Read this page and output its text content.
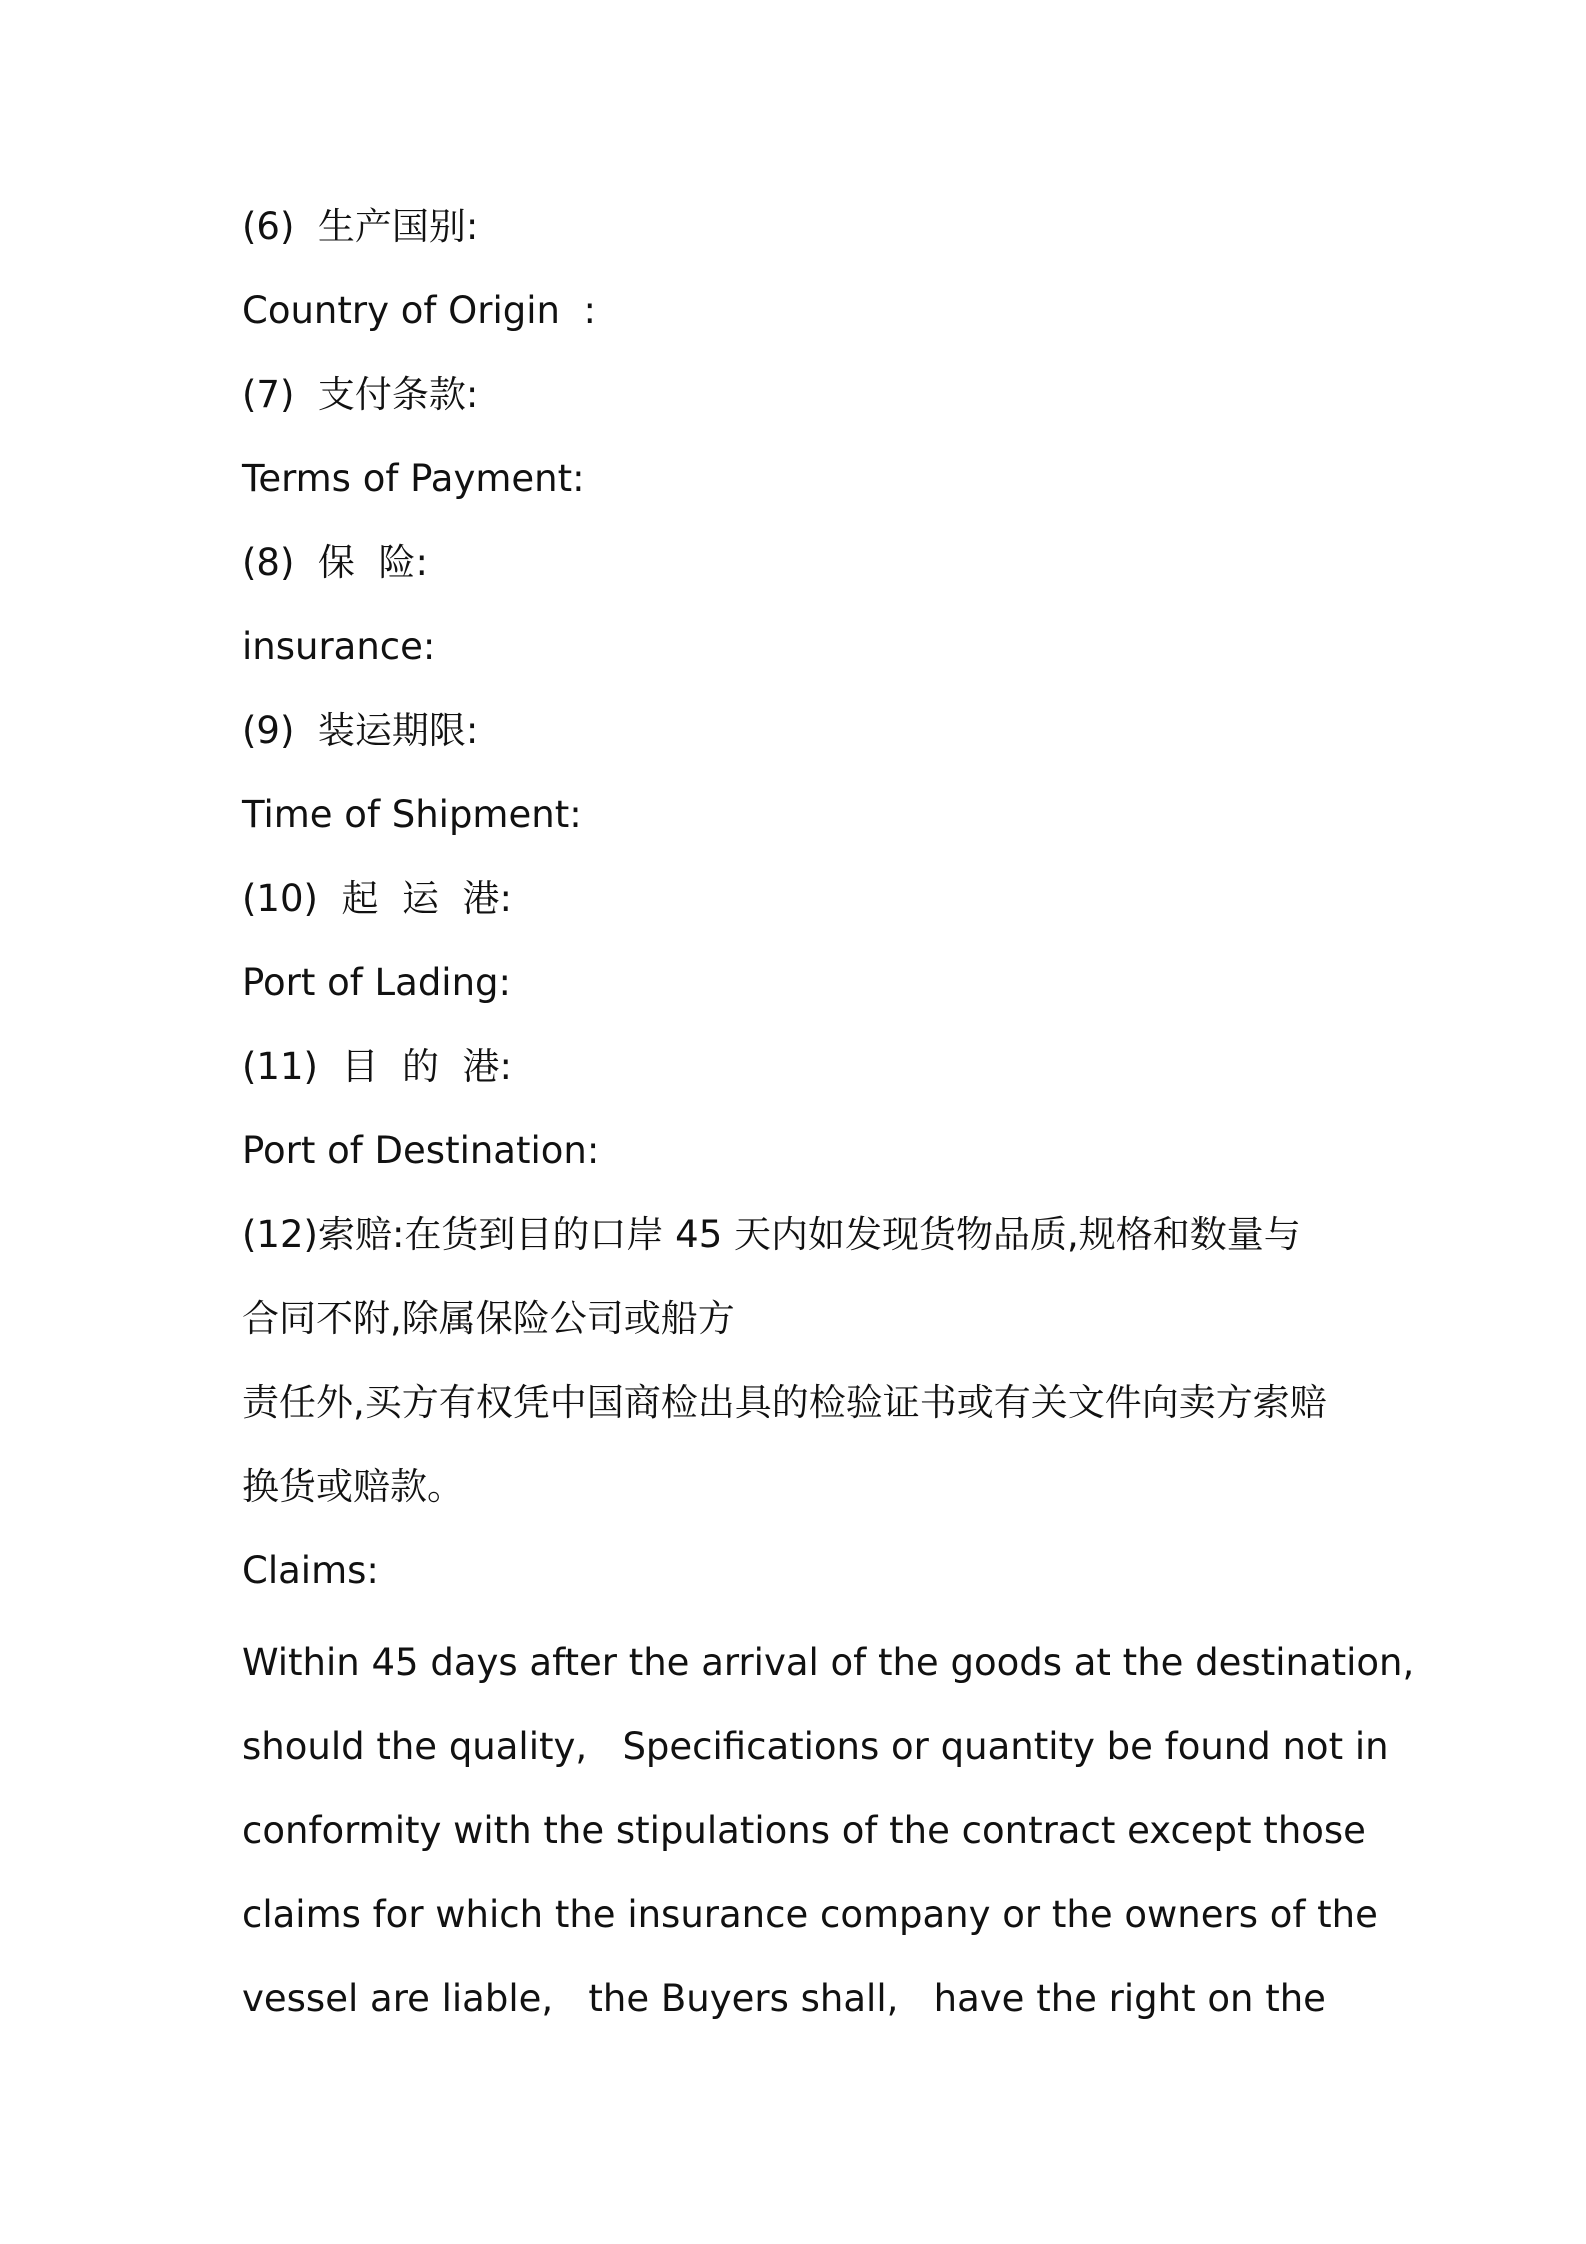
(6)  生产国别:

Country of Origin  :

(7)  支付条款:

Terms of Payment:

(8)  保  险:

insurance:

(9)  装运期限:

Time of Shipment:

(10)  起  运  港:

Port of Lading:

(11)  目  的  港:

Port of Destination:

(12)索赔:在货到目的口岸 45 天内如发现货物品质,规格和数量与

合同不附,除属保险公司或船方

责任外,买方有权凭中国商检出具的检验证书或有关文件向卖方索赔

换货或赔款。

Claims:

Within 45 days after the arrival of the goods at the destination,

should the quality,   Specifications or quantity be found not in

conformity with the stipulations of the contract except those

claims for which the insurance company or the owners of the

vessel are liable,   the Buyers shall,   have the right on the
